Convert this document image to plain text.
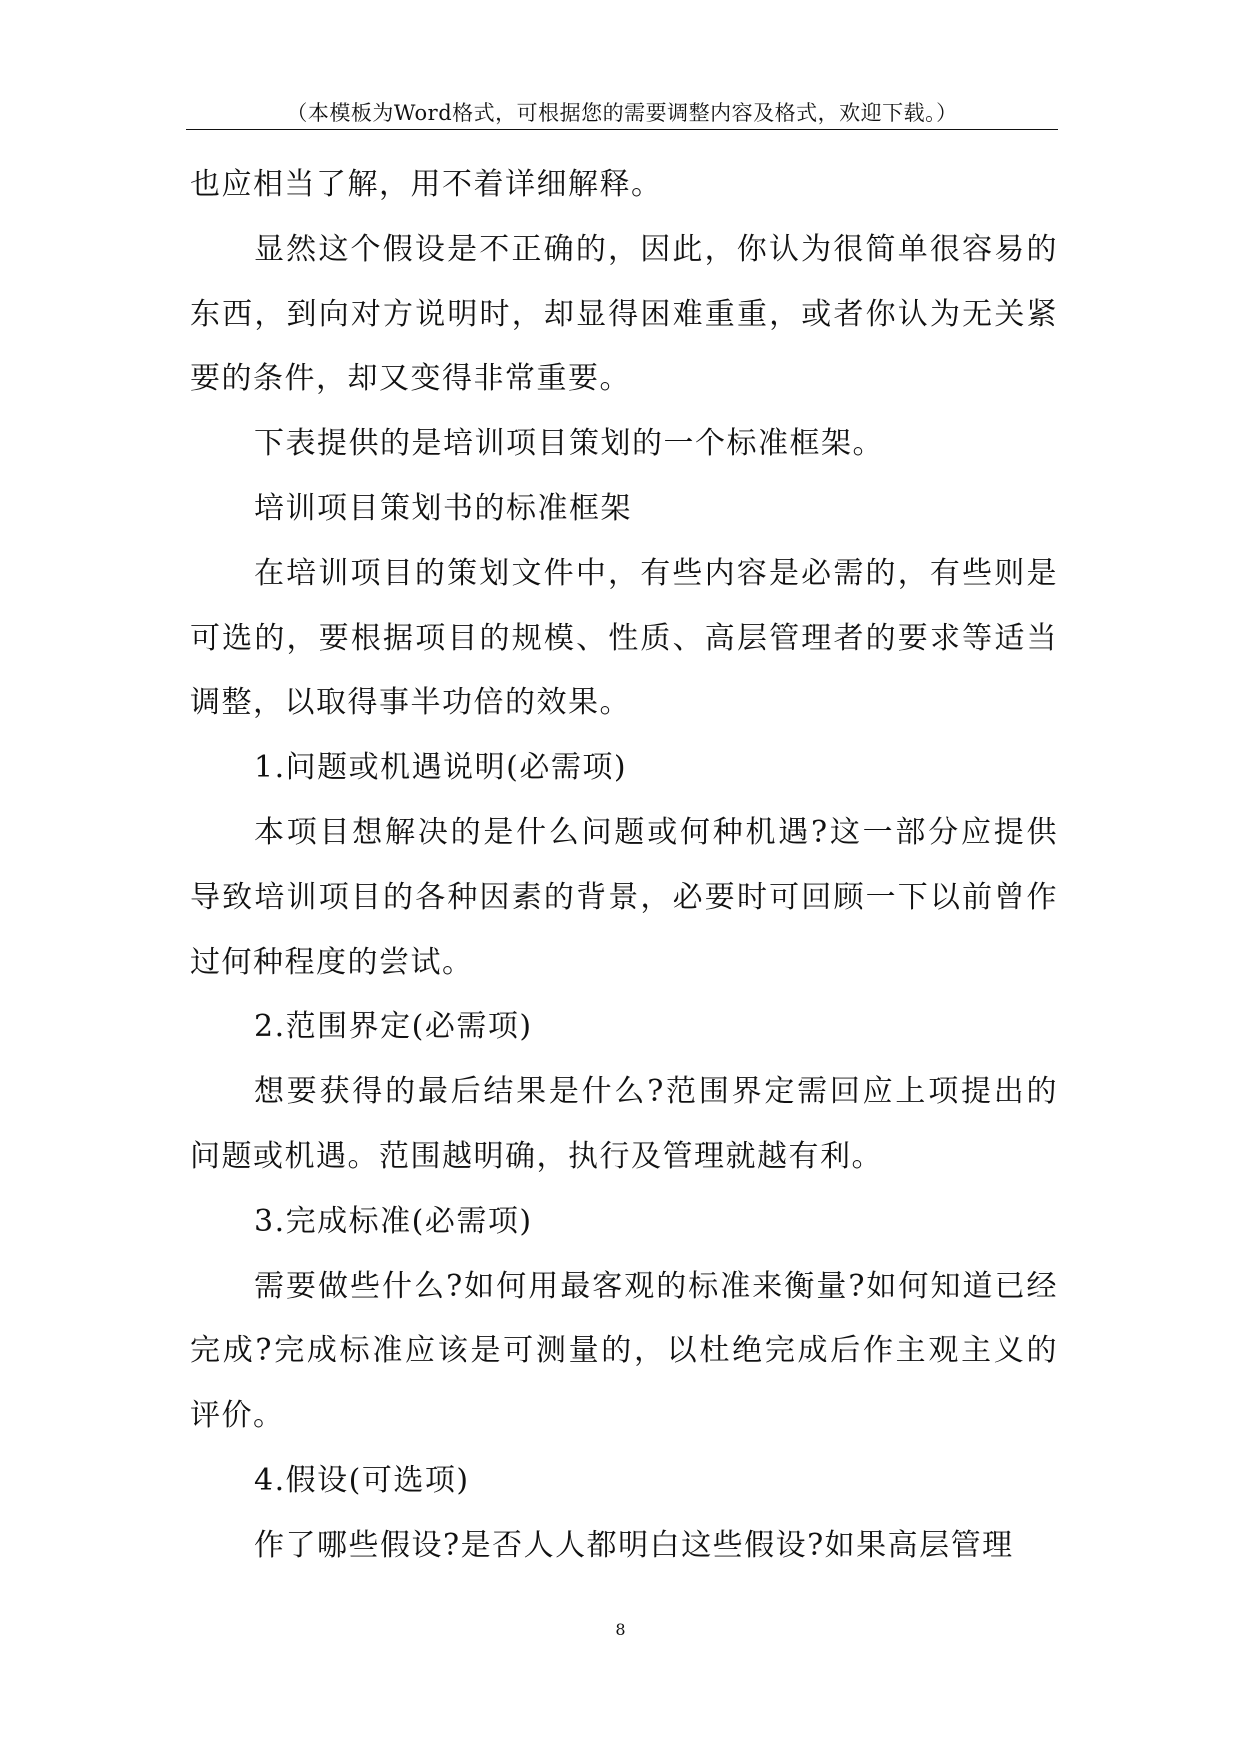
（本模板为Word格式，可根据您的需要调整内容及格式，欢迎下载。）

也应相当了解，用不着详细解释。

显然这个假设是不正确的，因此，你认为很简单很容易的东西，到向对方说明时，却显得困难重重，或者你认为无关紧要的条件，却又变得非常重要。

下表提供的是培训项目策划的一个标准框架。

培训项目策划书的标准框架

在培训项目的策划文件中，有些内容是必需的，有些则是可选的，要根据项目的规模、性质、高层管理者的要求等适当调整，以取得事半功倍的效果。

1.问题或机遇说明(必需项)

本项目想解决的是什么问题或何种机遇?这一部分应提供导致培训项目的各种因素的背景，必要时可回顾一下以前曾作过何种程度的尝试。

2.范围界定(必需项)

想要获得的最后结果是什么?范围界定需回应上项提出的问题或机遇。范围越明确，执行及管理就越有利。

3.完成标准(必需项)

需要做些什么?如何用最客观的标准来衡量?如何知道已经完成?完成标准应该是可测量的，以杜绝完成后作主观主义的评价。

4.假设(可选项)

作了哪些假设?是否人人都明白这些假设?如果高层管理

8
